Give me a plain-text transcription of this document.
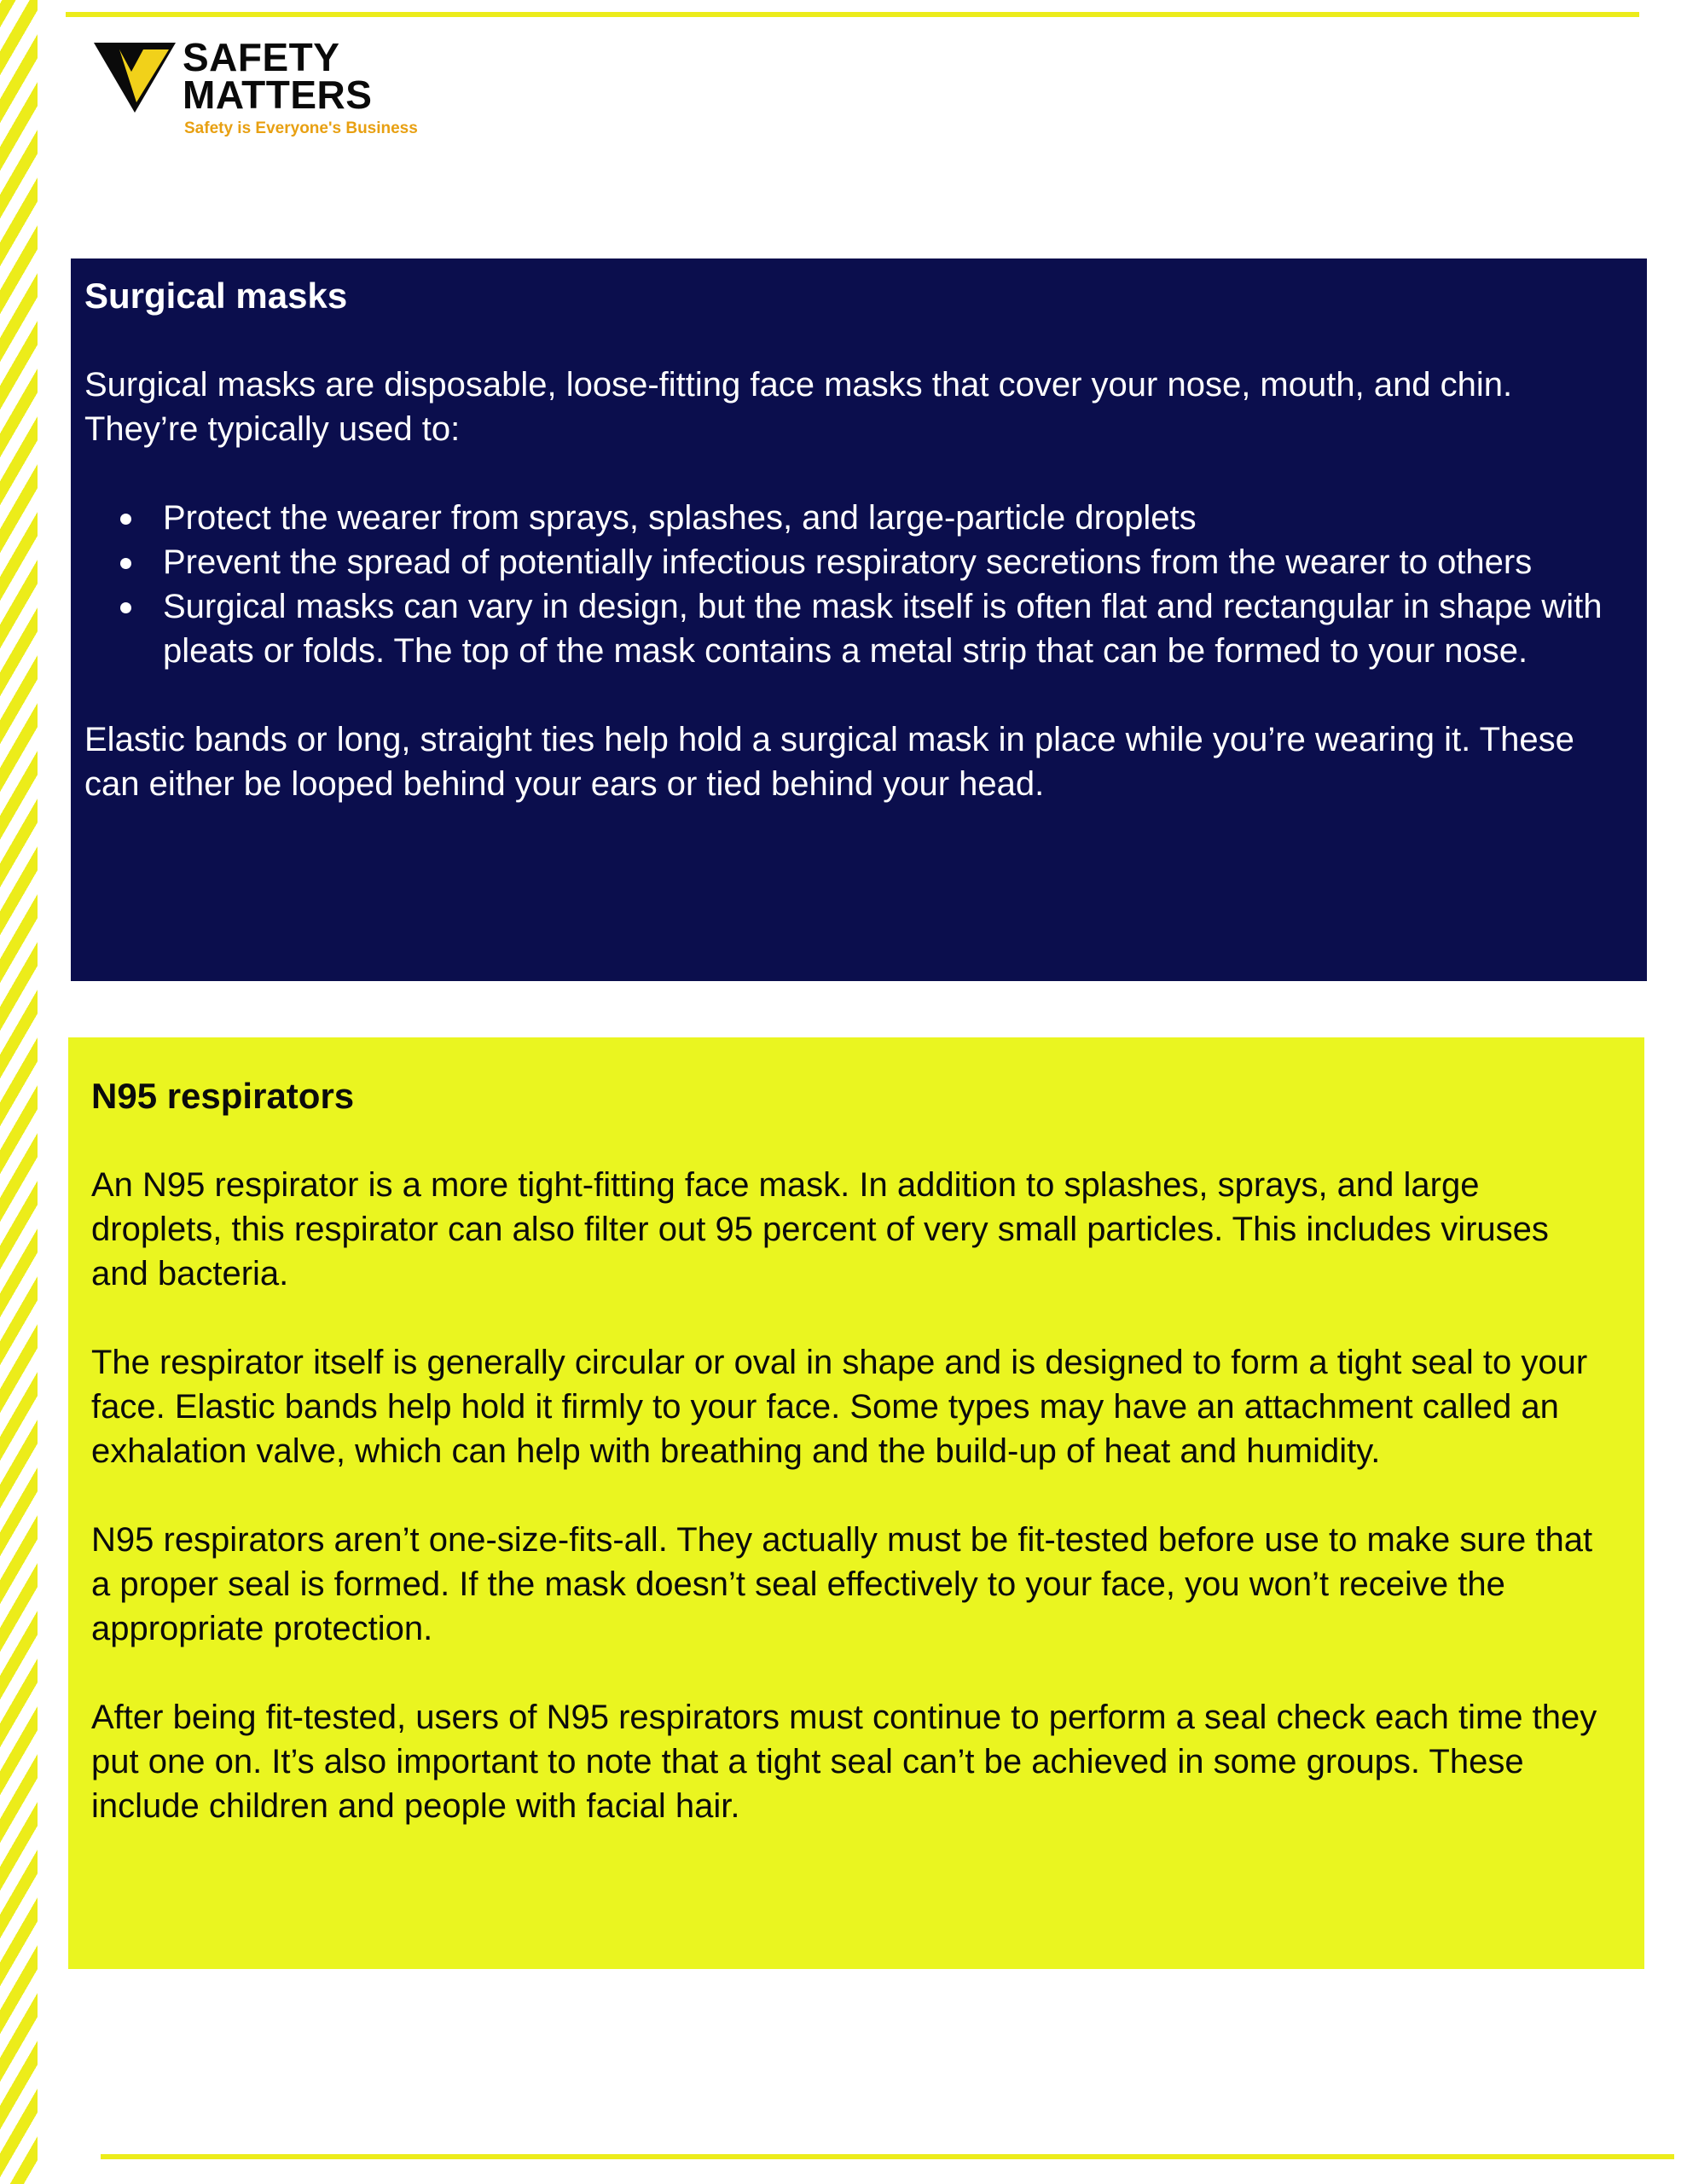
SAFETY
MATTERS
Safety is Everyone's Business

Surgical masks

Surgical masks are disposable, loose-fitting face masks that cover your nose, mouth, and chin. They’re typically used to:

Protect the wearer from sprays, splashes, and large-particle droplets
Prevent the spread of potentially infectious respiratory secretions from the wearer to others
Surgical masks can vary in design, but the mask itself is often flat and rectangular in shape with pleats or folds. The top of the mask contains a metal strip that can be formed to your nose.

Elastic bands or long, straight ties help hold a surgical mask in place while you’re wearing it. These can either be looped behind your ears or tied behind your head.

N95 respirators

An N95 respirator is a more tight-fitting face mask. In addition to splashes, sprays, and large droplets, this respirator can also filter out 95 percent of very small particles. This includes viruses and bacteria.

The respirator itself is generally circular or oval in shape and is designed to form a tight seal to your face. Elastic bands help hold it firmly to your face. Some types may have an attachment called an exhalation valve, which can help with breathing and the build-up of heat and humidity.

N95 respirators aren’t one-size-fits-all. They actually must be fit-tested before use to make sure that a proper seal is formed. If the mask doesn’t seal effectively to your face, you won’t receive the appropriate protection.

After being fit-tested, users of N95 respirators must continue to perform a seal check each time they put one on. It’s also important to note that a tight seal can’t be achieved in some groups. These include children and people with facial hair.
